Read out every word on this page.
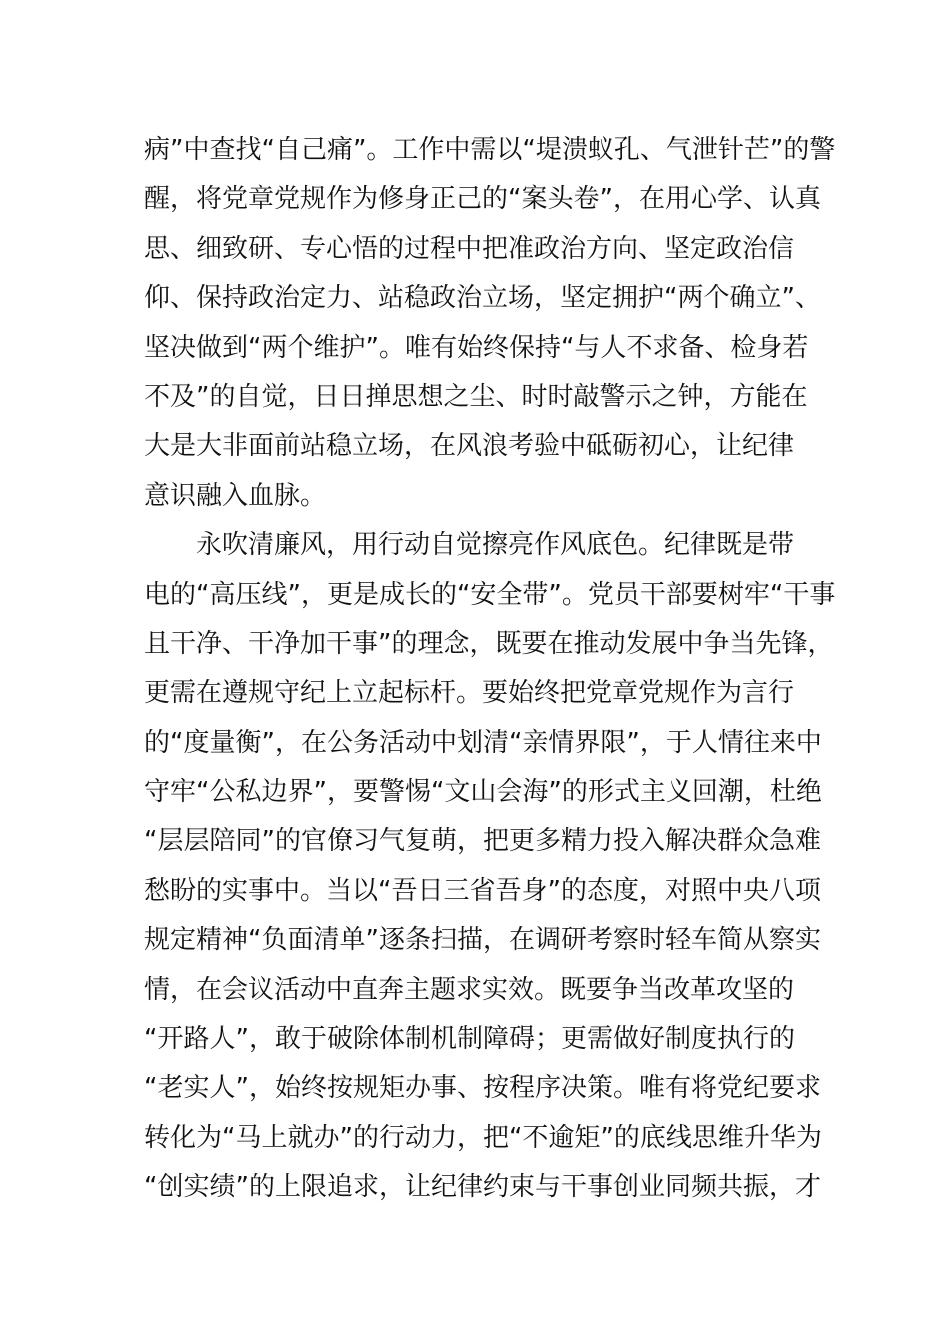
病”中查找“自己痛”。工作中需以“堤溃蚁孔、气泄针芒”的警
醒，将党章党规作为修身正己的“案头卷”，在用心学、认真
思、细致研、专心悟的过程中把准政治方向、坚定政治信
仰、保持政治定力、站稳政治立场，坚定拥护“两个确立”、
坚决做到“两个维护”。唯有始终保持“与人不求备、检身若
不及”的自觉，日日掸思想之尘、时时敲警示之钟，方能在
大是大非面前站稳立场，在风浪考验中砥砺初心，让纪律
意识融入血脉。
永吹清廉风，用行动自觉擦亮作风底色。纪律既是带
电的“高压线”，更是成长的“安全带”。党员干部要树牢“干事
且干净、干净加干事”的理念，既要在推动发展中争当先锋，
更需在遵规守纪上立起标杆。要始终把党章党规作为言行
的“度量衡”，在公务活动中划清“亲情界限”，于人情往来中
守牢“公私边界”，要警惕“文山会海”的形式主义回潮，杜绝
“层层陪同”的官僚习气复萌，把更多精力投入解决群众急难
愁盼的实事中。当以“吾日三省吾身”的态度，对照中央八项
规定精神“负面清单”逐条扫描，在调研考察时轻车简从察实
情，在会议活动中直奔主题求实效。既要争当改革攻坚的
“开路人”，敢于破除体制机制障碍；更需做好制度执行的
“老实人”，始终按规矩办事、按程序决策。唯有将党纪要求
转化为“马上就办”的行动力，把“不逾矩”的底线思维升华为
“创实绩”的上限追求，让纪律约束与干事创业同频共振，才
